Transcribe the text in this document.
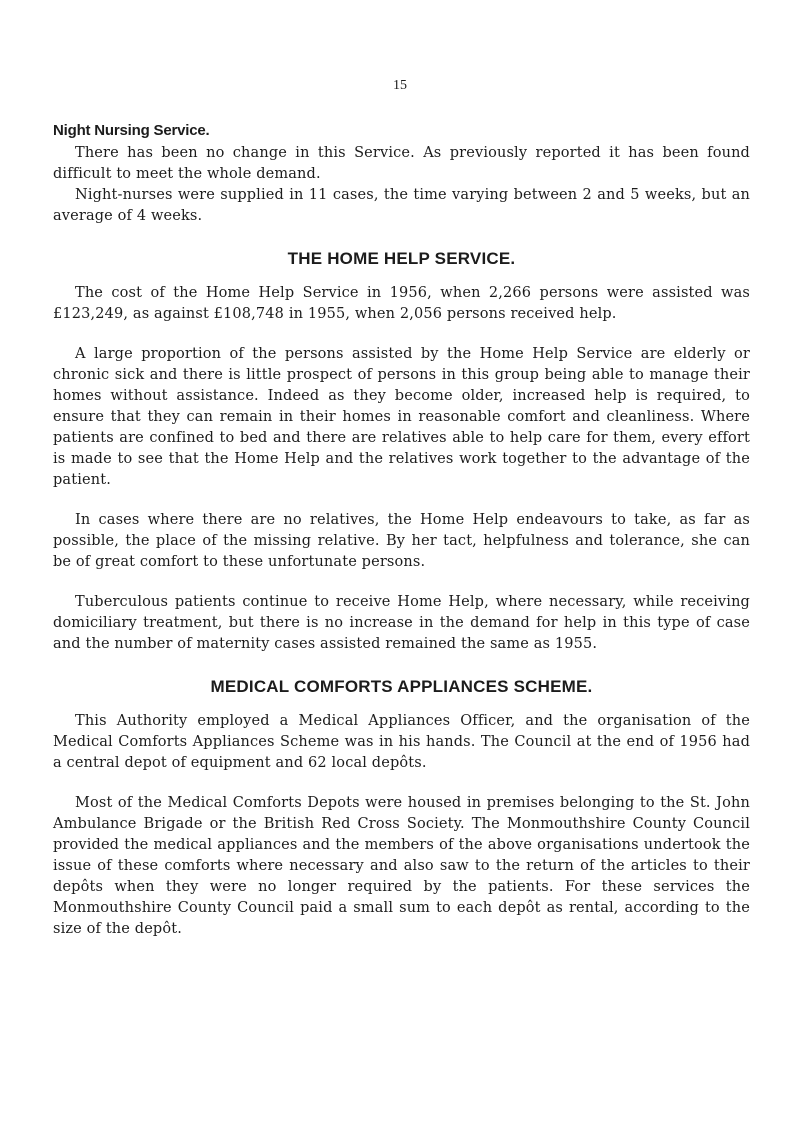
15
Night Nursing Service.

There has been no change in this Service. As previously reported it has been found difficult to meet the whole demand.

Night-nurses were supplied in 11 cases, the time varying between 2 and 5 weeks, but an average of 4 weeks.

THE HOME HELP SERVICE.

The cost of the Home Help Service in 1956, when 2,266 persons were assisted was £123,249, as against £108,748 in 1955, when 2,056 persons received help.

A large proportion of the persons assisted by the Home Help Service are elderly or chronic sick and there is little prospect of persons in this group being able to manage their homes without assistance. Indeed as they become older, increased help is required, to ensure that they can remain in their homes in reasonable comfort and cleanliness. Where patients are confined to bed and there are relatives able to help care for them, every effort is made to see that the Home Help and the relatives work together to the advantage of the patient.

In cases where there are no relatives, the Home Help endeavours to take, as far as possible, the place of the missing relative. By her tact, helpfulness and tolerance, she can be of great comfort to these unfortunate persons.

Tuberculous patients continue to receive Home Help, where necessary, while receiving domiciliary treatment, but there is no increase in the demand for help in this type of case and the number of maternity cases assisted remained the same as 1955.

MEDICAL COMFORTS APPLIANCES SCHEME.

This Authority employed a Medical Appliances Officer, and the organisation of the Medical Comforts Appliances Scheme was in his hands. The Council at the end of 1956 had a central depot of equipment and 62 local depôts.

Most of the Medical Comforts Depots were housed in premises belonging to the St. John Ambulance Brigade or the British Red Cross Society. The Monmouthshire County Council provided the medical appliances and the members of the above organisations undertook the issue of these comforts where necessary and also saw to the return of the articles to their depôts when they were no longer required by the patients. For these services the Monmouthshire County Council paid a small sum to each depôt as rental, according to the size of the depôt.
